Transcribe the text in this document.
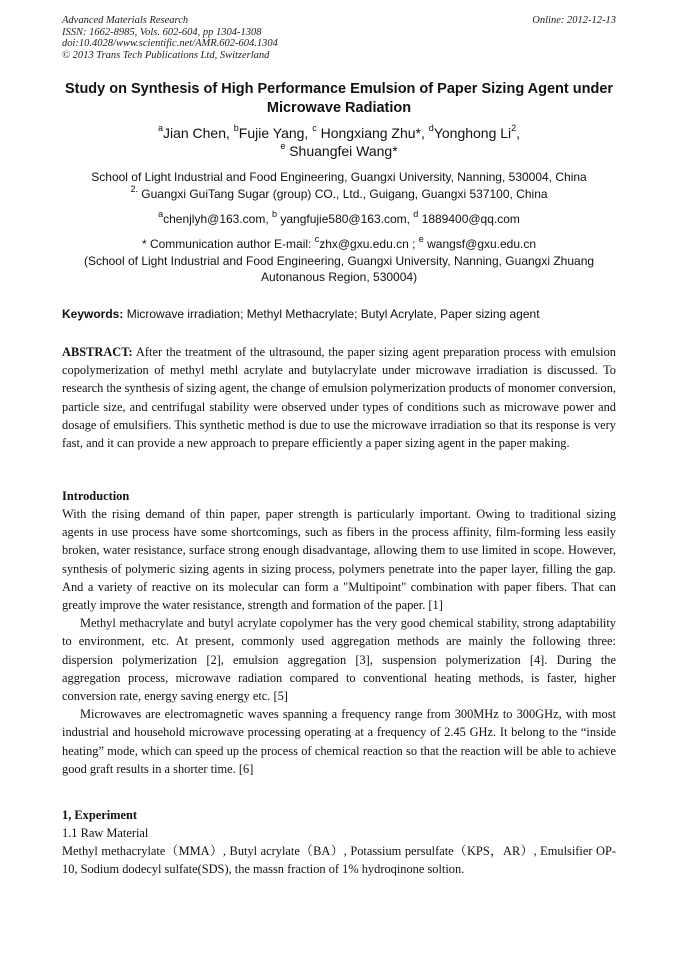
Advanced Materials Research
ISSN: 1662-8985, Vols. 602-604, pp 1304-1308
doi:10.4028/www.scientific.net/AMR.602-604.1304
© 2013 Trans Tech Publications Ltd, Switzerland
Online: 2012-12-13
Study on Synthesis of High Performance Emulsion of Paper Sizing Agent under Microwave Radiation
$^a$Jian Chen, $^b$Fujie Yang, $^c$ Hongxiang Zhu*, $^d$Yonghong Li$^2$,
$^e$ Shuangfei Wang*
School of Light Industrial and Food Engineering, Guangxi University, Nanning, 530004, China
$^{2.}$ Guangxi GuiTang Sugar (group) CO., Ltd., Guigang, Guangxi 537100, China
$^a$chenjlyh@163.com, $^b$ yangfujie580@163.com, $^d$ 1889400@qq.com
* Communication author E-mail: $^c$zhx@gxu.edu.cn ; $^e$ wangsf@gxu.edu.cn
(School of Light Industrial and Food Engineering, Guangxi University, Nanning, Guangxi Zhuang Autonanous Region, 530004)
Keywords: Microwave irradiation; Methyl Methacrylate; Butyl Acrylate, Paper sizing agent
ABSTRACT: After the treatment of the ultrasound, the paper sizing agent preparation process with emulsion copolymerization of methyl methl acrylate and butylacrylate under microwave irradiation is discussed. To research the synthesis of sizing agent, the change of emulsion polymerization products of monomer conversion, particle size, and centrifugal stability were observed under types of conditions such as microwave power and dosage of emulsifiers. This synthetic method is due to use the microwave irradiation so that its response is very fast, and it can provide a new approach to prepare efficiently a paper sizing agent in the paper making.
Introduction

With the rising demand of thin paper, paper strength is particularly important. Owing to traditional sizing agents in use process have some shortcomings, such as fibers in the process affinity, film-forming less easily broken, water resistance, surface strong enough disadvantage, allowing them to use limited in scope. However, synthesis of polymeric sizing agents in sizing process, polymers penetrate into the paper layer, filling the gap. And a variety of reactive on its molecular can form a "Multipoint" combination with paper fibers. That can greatly improve the water resistance, strength and formation of the paper. [1]

Methyl methacrylate and butyl acrylate copolymer has the very good chemical stability, strong adaptability to environment, etc. At present, commonly used aggregation methods are mainly the following three: dispersion polymerization [2], emulsion aggregation [3], suspension polymerization [4]. During the aggregation process, microwave radiation compared to conventional heating methods, is faster, higher conversion rate, energy saving energy etc. [5]

Microwaves are electromagnetic waves spanning a frequency range from 300MHz to 300GHz, with most industrial and household microwave processing operating at a frequency of 2.45 GHz. It belong to the “inside heating” mode, which can speed up the process of chemical reaction so that the reaction will be able to achieve good graft results in a shorter time. [6]

1, Experiment
1.1 Raw Material
Methyl methacrylate（MMA）, Butyl acrylate（BA）, Potassium persulfate（KPS，AR）, Emulsifier OP-10, Sodium dodecyl sulfate(SDS), the massn fraction of 1% hydroqinone soltion.
